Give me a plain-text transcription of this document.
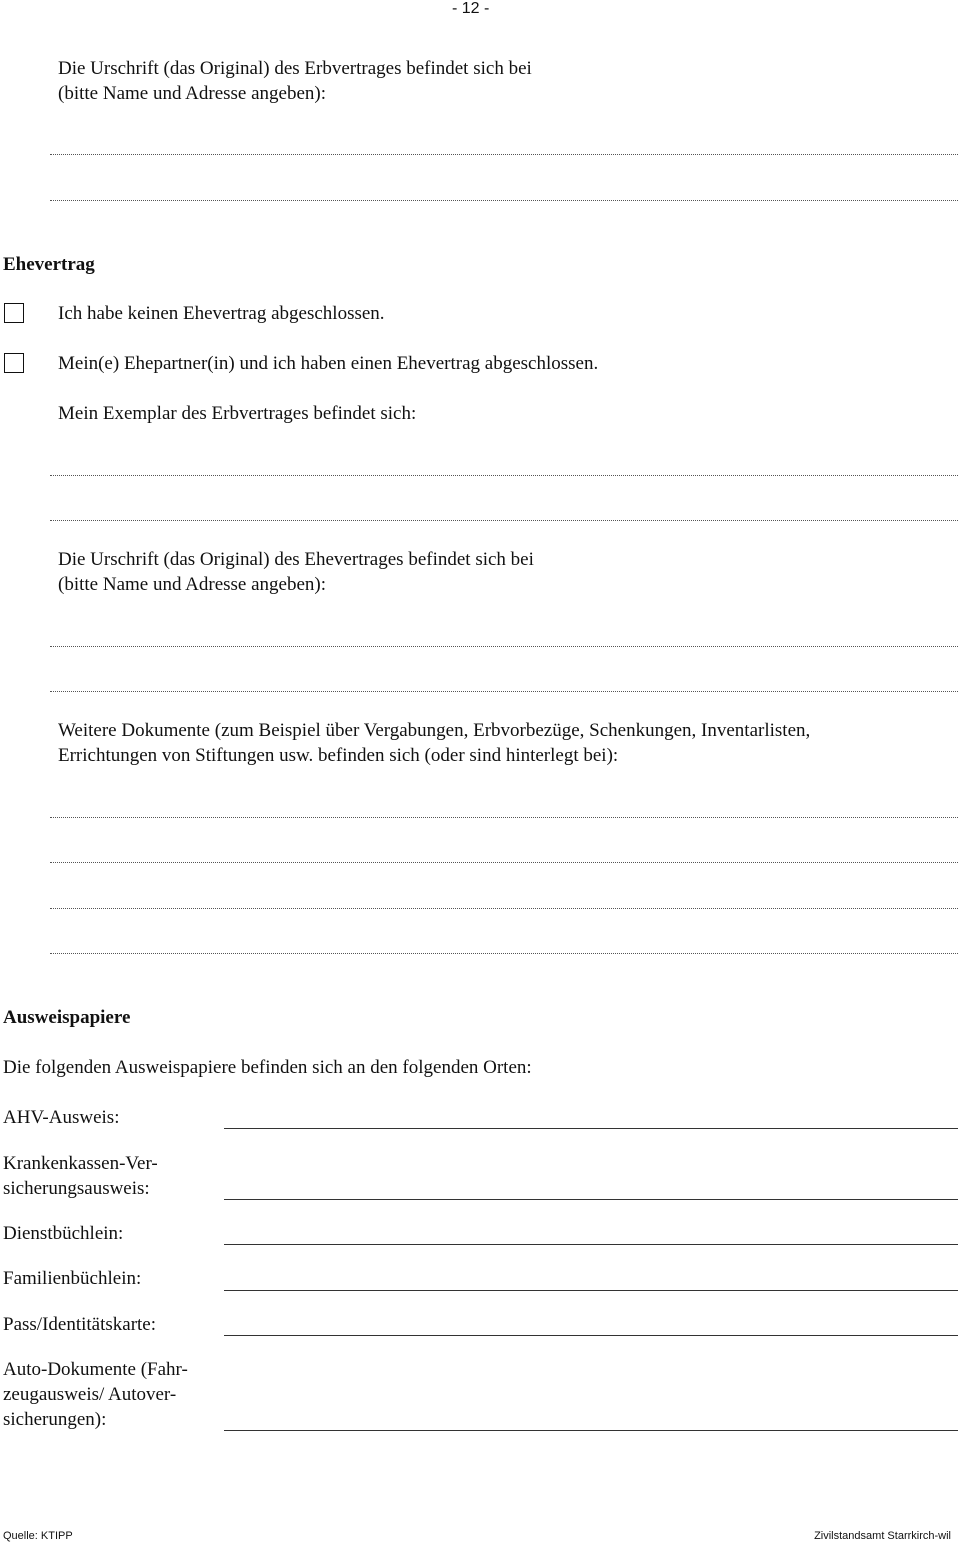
- 12 -
Die Urschrift (das Original) des Erbvertrages befindet sich bei
(bitte Name und Adresse angeben):
Ehevertrag
Ich habe keinen Ehevertrag abgeschlossen.
Mein(e) Ehepartner(in) und ich haben einen Ehevertrag abgeschlossen.
Mein Exemplar des Erbvertrages befindet sich:
Die Urschrift (das Original) des Ehevertrages befindet sich bei
(bitte Name und Adresse angeben):
Weitere Dokumente (zum Beispiel über Vergabungen, Erbvorbezüge, Schenkungen, Inventarlisten,
Errichtungen von Stiftungen usw. befinden sich (oder sind hinterlegt bei):
Ausweispapiere
Die folgenden Ausweispapiere befinden sich an den folgenden Orten:
AHV-Ausweis:
Krankenkassen-Ver-
sicherungsausweis:
Dienstbüchlein:
Familienbüchlein:
Pass/Identitätskarte:
Auto-Dokumente (Fahr-
zeugausweis/ Autover-
sicherungen):
Quelle: KTIPP	Zivilstandsamt Starrkirch-wil
